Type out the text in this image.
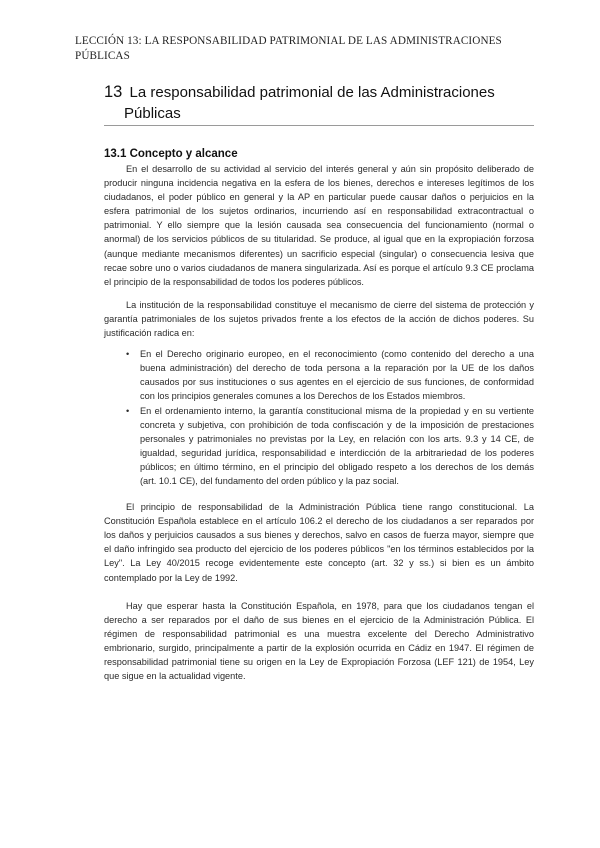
LECCIÓN 13: LA RESPONSABILIDAD PATRIMONIAL DE LAS ADMINISTRACIONES PÚBLICAS
13 La responsabilidad patrimonial de las Administraciones
Públicas
13.1 Concepto y alcance

En el desarrollo de su actividad al servicio del interés general y aún sin propósito deliberado de producir ninguna incidencia negativa en la esfera de los bienes, derechos e intereses legítimos de los ciudadanos, el poder público en general y la AP en particular puede causar daños o perjuicios en la esfera patrimonial de los sujetos ordinarios, incurriendo así en responsabilidad extracontractual o patrimonial. Y ello siempre que la lesión causada sea consecuencia del funcionamiento (normal o anormal) de los servicios públicos de su titularidad. Se produce, al igual que en la expropiación forzosa (aunque mediante mecanismos diferentes) un sacrificio especial (singular) o consecuencia lesiva que recae sobre uno o varios ciudadanos de manera singularizada. Así es porque el artículo 9.3 CE proclama el principio de la responsabilidad de todos los poderes públicos.

La institución de la responsabilidad constituye el mecanismo de cierre del sistema de protección y garantía patrimoniales de los sujetos privados frente a los efectos de la acción de dichos poderes. Su justificación radica en:

• En el Derecho originario europeo, en el reconocimiento (como contenido del derecho a una buena administración) del derecho de toda persona a la reparación por la UE de los daños causados por sus instituciones o sus agentes en el ejercicio de sus funciones, de conformidad con los principios generales comunes a los Derechos de los Estados miembros.
• En el ordenamiento interno, la garantía constitucional misma de la propiedad y en su vertiente concreta y subjetiva, con prohibición de toda confiscación y de la imposición de prestaciones personales y patrimoniales no previstas por la Ley, en relación con los arts. 9.3 y 14 CE, de igualdad, seguridad jurídica, responsabilidad e interdicción de la arbitrariedad de los poderes públicos; en último término, en el principio del obligado respeto a los derechos de los demás (art. 10.1 CE), del fundamento del orden público y la paz social.

El principio de responsabilidad de la Administración Pública tiene rango constitucional. La Constitución Española establece en el artículo 106.2 el derecho de los ciudadanos a ser reparados por los daños y perjuicios causados a sus bienes y derechos, salvo en casos de fuerza mayor, siempre que el daño infringido sea producto del ejercicio de los poderes públicos "en los términos establecidos por la Ley". La Ley 40/2015 recoge evidentemente este concepto (art. 32 y ss.) si bien es un ámbito contemplado por la Ley de 1992.

Hay que esperar hasta la Constitución Española, en 1978, para que los ciudadanos tengan el derecho a ser reparados por el daño de sus bienes en el ejercicio de la Administración Pública. El régimen de responsabilidad patrimonial es una muestra excelente del Derecho Administrativo embrionario, surgido, principalmente a partir de la explosión ocurrida en Cádiz en 1947. El régimen de responsabilidad patrimonial tiene su origen en la Ley de Expropiación Forzosa (LEF 121) de 1954, Ley que sigue en la actualidad vigente.
